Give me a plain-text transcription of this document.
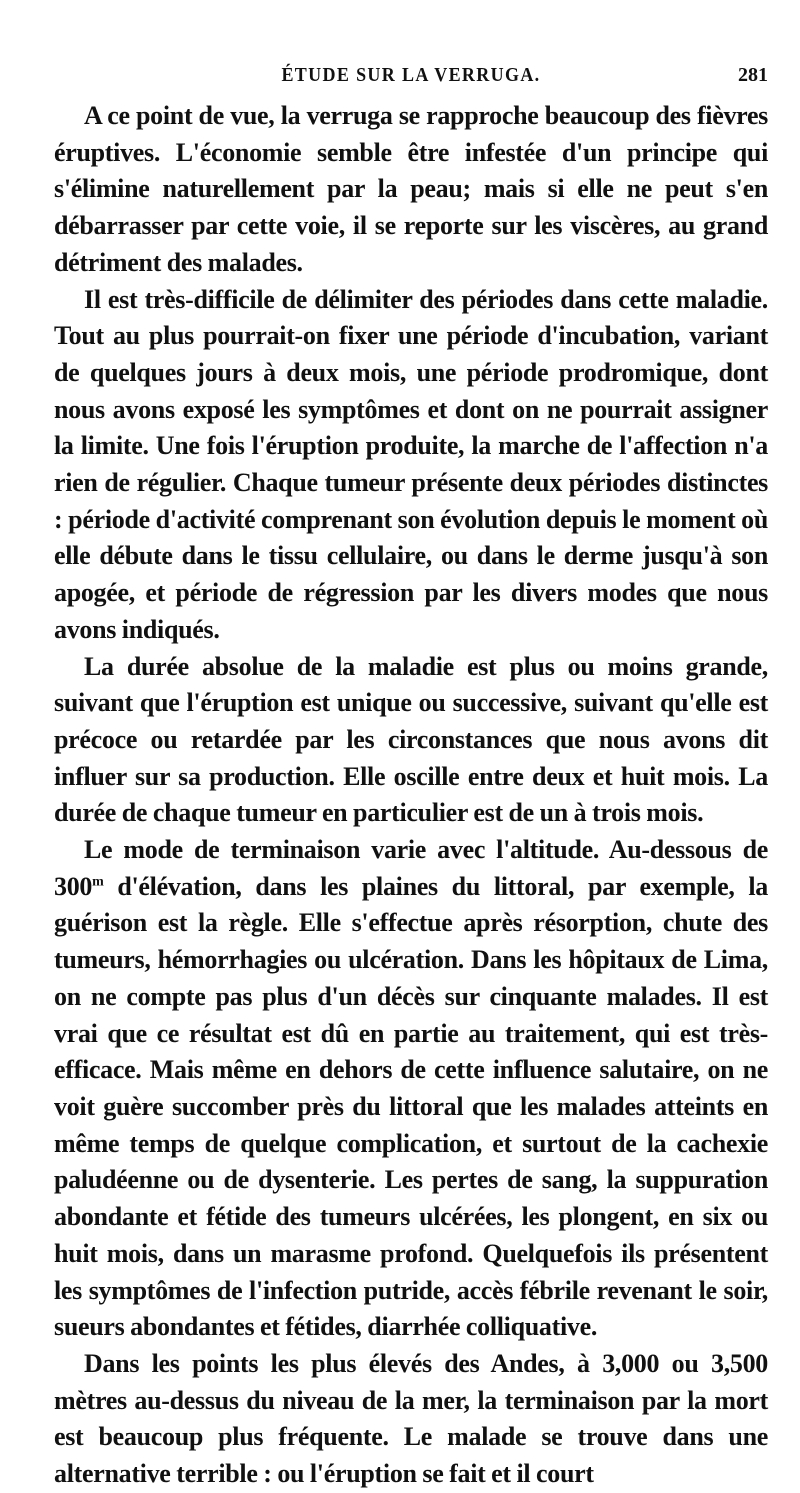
ÉTUDE SUR LA VERRUGA.	281

A ce point de vue, la verruga se rapproche beaucoup des fièvres éruptives. L'économie semble être infestée d'un principe qui s'élimine naturellement par la peau; mais si elle ne peut s'en débarrasser par cette voie, il se reporte sur les viscères, au grand détriment des malades.

Il est très-difficile de délimiter des périodes dans cette maladie. Tout au plus pourrait-on fixer une période d'incubation, variant de quelques jours à deux mois, une période prodromique, dont nous avons exposé les symptômes et dont on ne pourrait assigner la limite. Une fois l'éruption produite, la marche de l'affection n'a rien de régulier. Chaque tumeur présente deux périodes distinctes : période d'activité comprenant son évolution depuis le moment où elle débute dans le tissu cellulaire, ou dans le derme jusqu'à son apogée, et période de régression par les divers modes que nous avons indiqués.

La durée absolue de la maladie est plus ou moins grande, suivant que l'éruption est unique ou successive, suivant qu'elle est précoce ou retardée par les circonstances que nous avons dit influer sur sa production. Elle oscille entre deux et huit mois. La durée de chaque tumeur en particulier est de un à trois mois.

Le mode de terminaison varie avec l'altitude. Au-dessous de 300$^m$ d'élévation, dans les plaines du littoral, par exemple, la guérison est la règle. Elle s'effectue après résorption, chute des tumeurs, hémorrhagies ou ulcération. Dans les hôpitaux de Lima, on ne compte pas plus d'un décès sur cinquante malades. Il est vrai que ce résultat est dû en partie au traitement, qui est très-efficace. Mais même en dehors de cette influence salutaire, on ne voit guère succomber près du littoral que les malades atteints en même temps de quelque complication, et surtout de la cachexie paludéenne ou de dysenterie. Les pertes de sang, la suppuration abondante et fétide des tumeurs ulcérées, les plongent, en six ou huit mois, dans un marasme profond. Quelquefois ils présentent les symptômes de l'infection putride, accès fébrile revenant le soir, sueurs abondantes et fétides, diarrhée colliquative.

Dans les points les plus élevés des Andes, à 3,000 ou 3,500 mètres au-dessus du niveau de la mer, la terminaison par la mort est beaucoup plus fréquente. Le malade se trouve dans une alternative terrible : ou l'éruption se fait et il court
